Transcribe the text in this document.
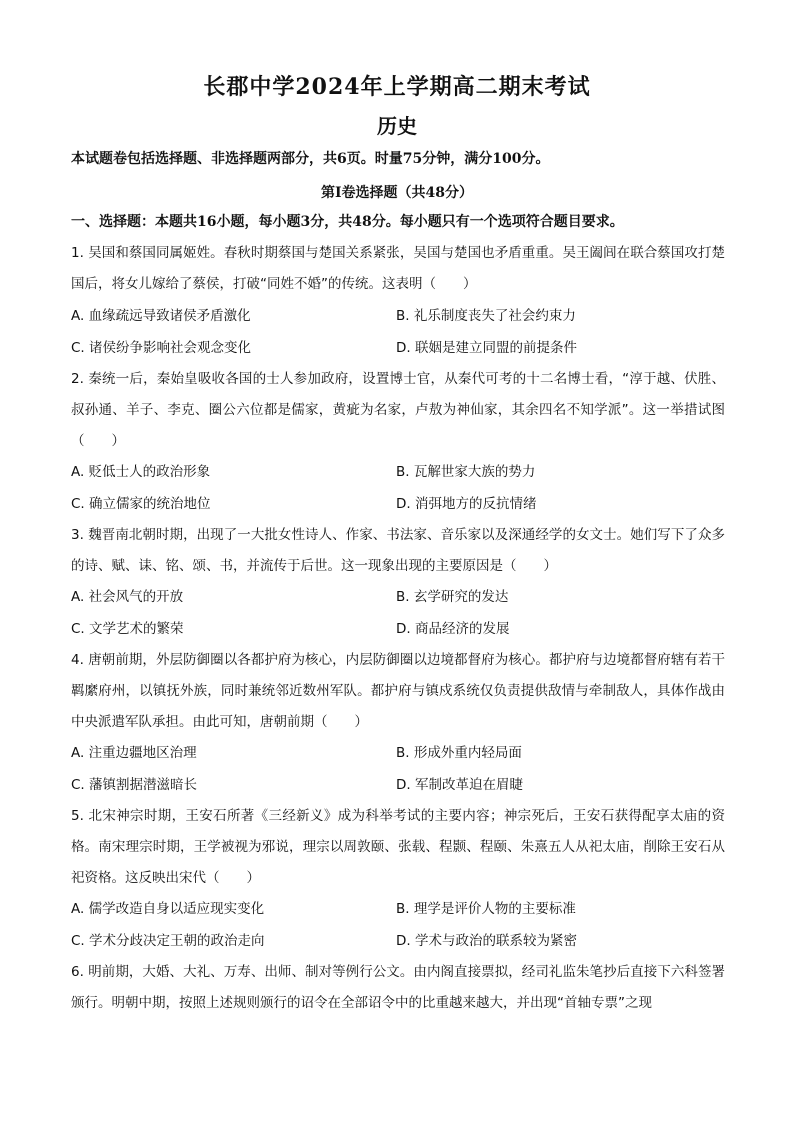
长郡中学2024年上学期高二期末考试
历史
本试题卷包括选择题、非选择题两部分，共6页。时量75分钟，满分100分。
第Ⅰ卷选择题（共48分）
一、选择题：本题共16小题，每小题3分，共48分。每小题只有一个选项符合题目要求。
1. 吴国和蔡国同属姬姓。春秋时期蔡国与楚国关系紧张，吴国与楚国也矛盾重重。吴王阖闾在联合蔡国攻打楚国后，将女儿嫁给了蔡侯，打破“同姓不婚”的传统。这表明（　　）
A. 血缘疏远导致诸侯矛盾激化	B. 礼乐制度丧失了社会约束力
C. 诸侯纷争影响社会观念变化	D. 联姻是建立同盟的前提条件
2. 秦统一后，秦始皇吸收各国的士人参加政府，设置博士官，从秦代可考的十二名博士看，“淳于越、伏胜、叔孙通、羊子、李克、圈公六位都是儒家，黄疵为名家，卢敖为神仙家，其余四名不知学派”。这一举措试图（　　）
A. 贬低士人的政治形象	B. 瓦解世家大族的势力
C. 确立儒家的统治地位	D. 消弭地方的反抗情绪
3. 魏晋南北朝时期，出现了一大批女性诗人、作家、书法家、音乐家以及深通经学的女文士。她们写下了众多的诗、赋、诔、铭、颂、书，并流传于后世。这一现象出现的主要原因是（　　）
A. 社会风气的开放	B. 玄学研究的发达
C. 文学艺术的繁荣	D. 商品经济的发展
4. 唐朝前期，外层防御圈以各都护府为核心，内层防御圈以边境都督府为核心。都护府与边境都督府辖有若干羁縻府州，以镇抚外族，同时兼统邻近数州军队。都护府与镇戍系统仅负责提供敌情与牵制敌人，具体作战由中央派遣军队承担。由此可知，唐朝前期（　　）
A. 注重边疆地区治理	B. 形成外重内轻局面
C. 藩镇割据潜滋暗长	D. 军制改革迫在眉睫
5. 北宋神宗时期，王安石所著《三经新义》成为科举考试的主要内容；神宗死后，王安石获得配享太庙的资格。南宋理宗时期，王学被视为邪说，理宗以周敦颐、张载、程颢、程颐、朱熹五人从祀太庙，削除王安石从祀资格。这反映出宋代（　　）
A. 儒学改造自身以适应现实变化	B. 理学是评价人物的主要标准
C. 学术分歧决定王朝的政治走向	D. 学术与政治的联系较为紧密
6. 明前期，大婚、大礼、万寿、出师、制对等例行公文。由内阁直接票拟，经司礼监朱笔抄后直接下六科签署颁行。明朝中期，按照上述规则颁行的诏令在全部诏令中的比重越来越大，并出现“首轴专票”之现
